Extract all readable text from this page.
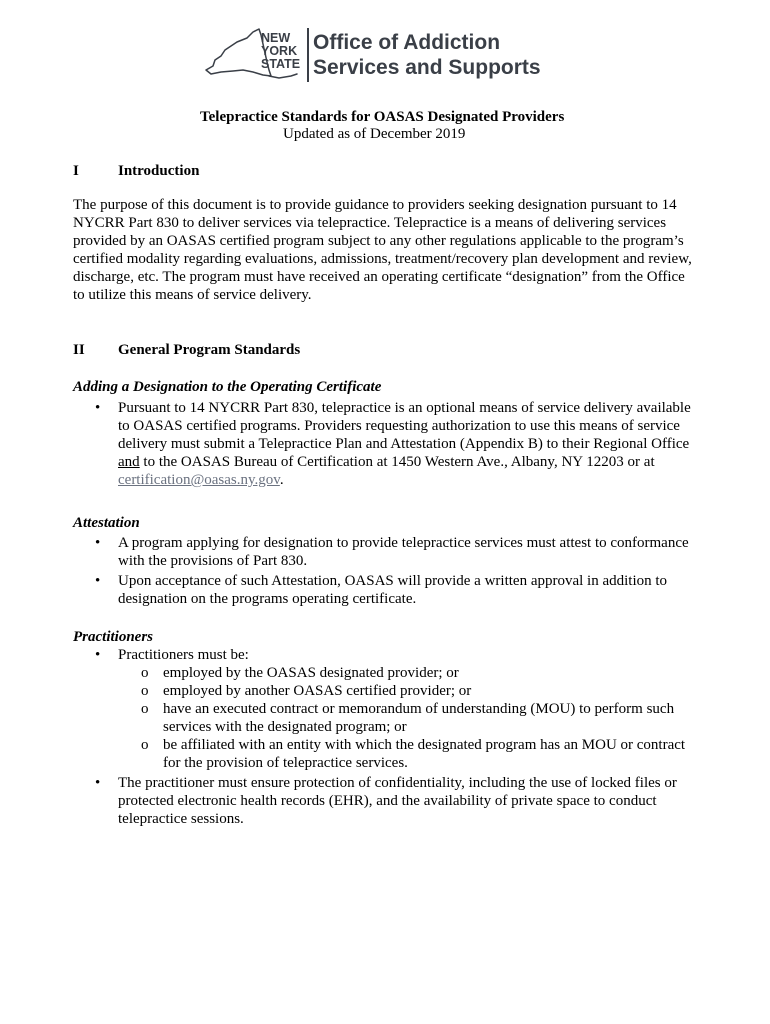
NEW
YORK
STATE
Office of Addiction
Services and Supports
Telepractice Standards for OASAS Designated Providers
Updated as of December 2019
I	Introduction
The purpose of this document is to provide guidance to providers seeking designation pursuant to 14 NYCRR Part 830 to deliver services via telepractice. Telepractice is a means of delivering services provided by an OASAS certified program subject to any other regulations applicable to the program’s certified modality regarding evaluations, admissions, treatment/recovery plan development and review, discharge, etc. The program must have received an operating certificate “designation” from the Office to utilize this means of service delivery.
II General Program Standards
Adding a Designation to the Operating Certificate
• Pursuant to 14 NYCRR Part 830, telepractice is an optional means of service delivery available to OASAS certified programs. Providers requesting authorization to use this means of service delivery must submit a Telepractice Plan and Attestation (Appendix B) to their Regional Office and to the OASAS Bureau of Certification at 1450 Western Ave., Albany, NY 12203 or at certification@oasas.ny.gov.
Attestation
• A program applying for designation to provide telepractice services must attest to conformance with the provisions of Part 830.
• Upon acceptance of such Attestation, OASAS will provide a written approval in addition to designation on the programs operating certificate.
Practitioners
• Practitioners must be:
o employed by the OASAS designated provider; or
o employed by another OASAS certified provider; or
o have an executed contract or memorandum of understanding (MOU) to perform such services with the designated program; or
o be affiliated with an entity with which the designated program has an MOU or contract for the provision of telepractice services.
• The practitioner must ensure protection of confidentiality, including the use of locked files or protected electronic health records (EHR), and the availability of private space to conduct telepractice sessions.
